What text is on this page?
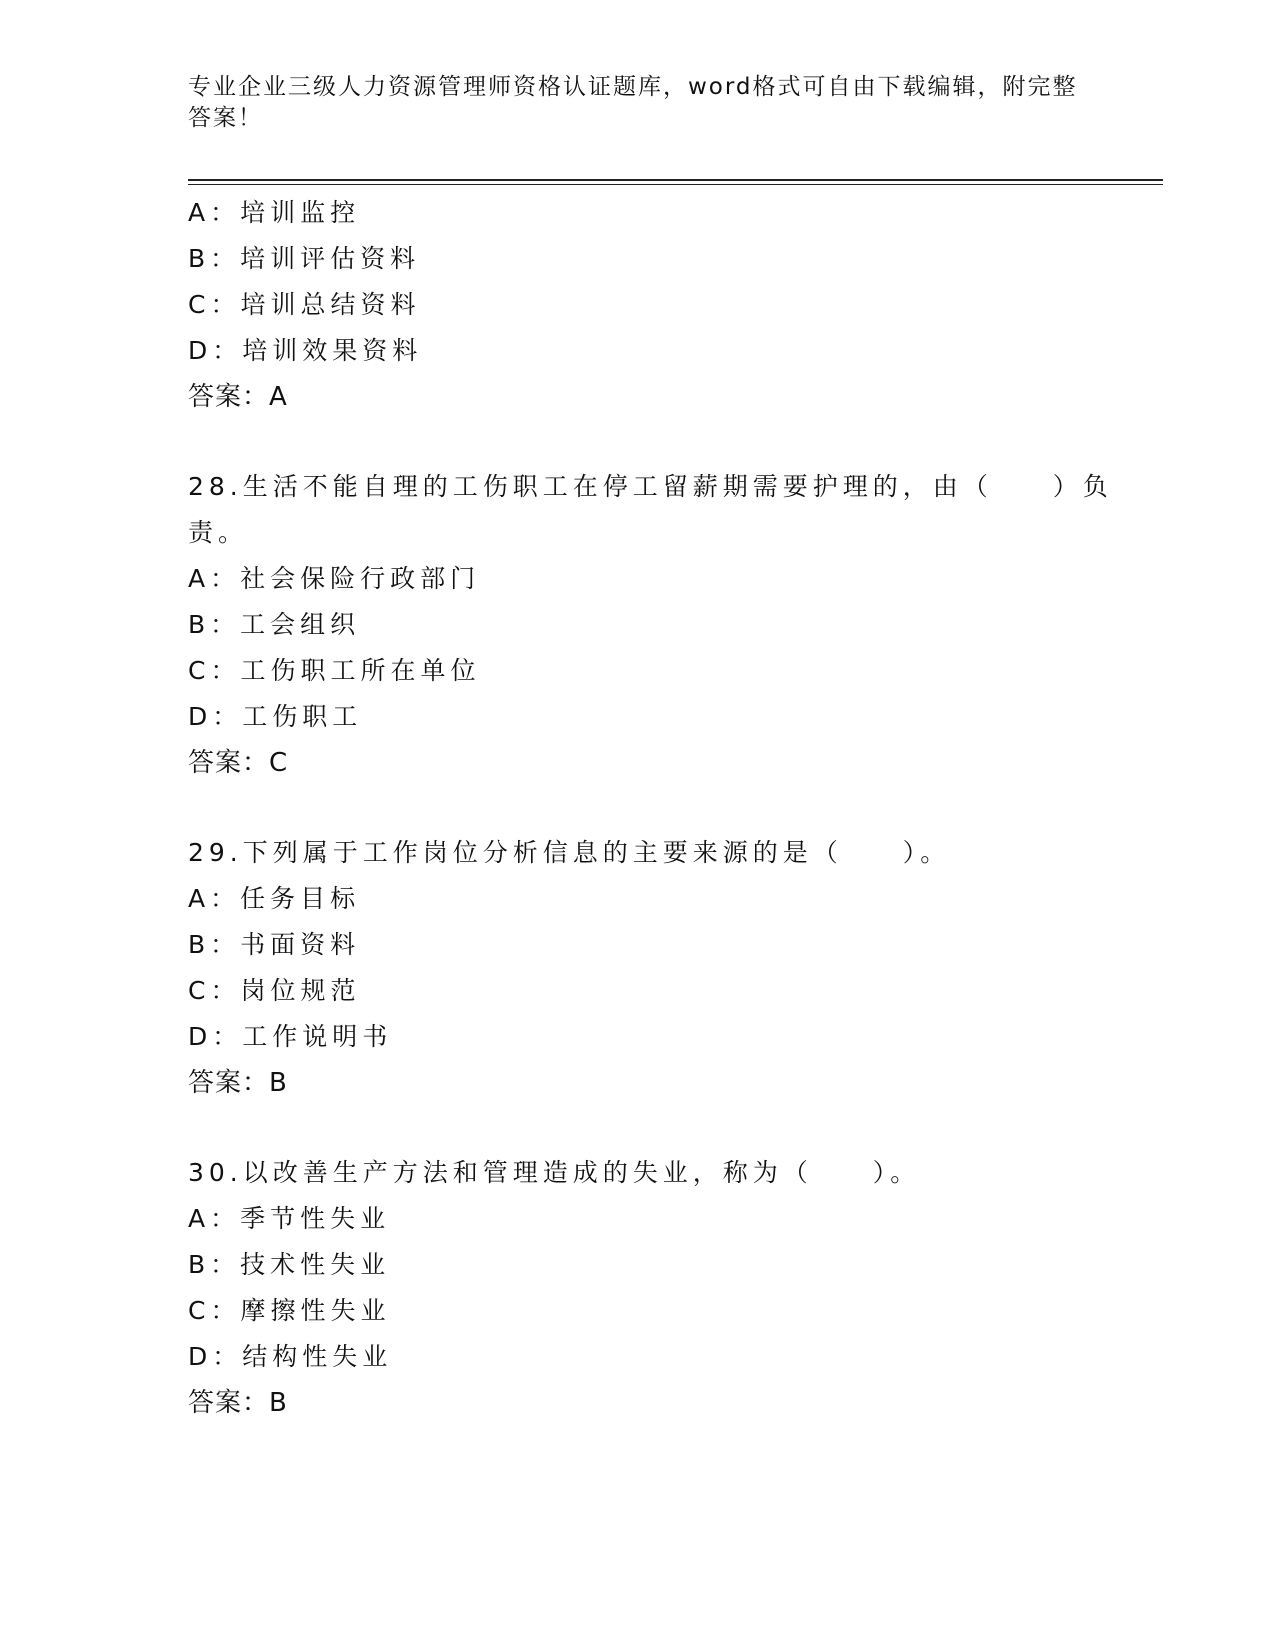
专业企业三级人力资源管理师资格认证题库，word格式可自由下载编辑，附完整
答案！
A：培训监控
B：培训评估资料
C：培训总结资料
D：培训效果资料
答案：A
28.生活不能自理的工伤职工在停工留薪期需要护理的，由（　　）负
责。
A：社会保险行政部门
B：工会组织
C：工伤职工所在单位
D：工伤职工
答案：C
29.下列属于工作岗位分析信息的主要来源的是（　　）。
A：任务目标
B：书面资料
C：岗位规范
D：工作说明书
答案：B
30.以改善生产方法和管理造成的失业，称为（　　）。
A：季节性失业
B：技术性失业
C：摩擦性失业
D：结构性失业
答案：B
